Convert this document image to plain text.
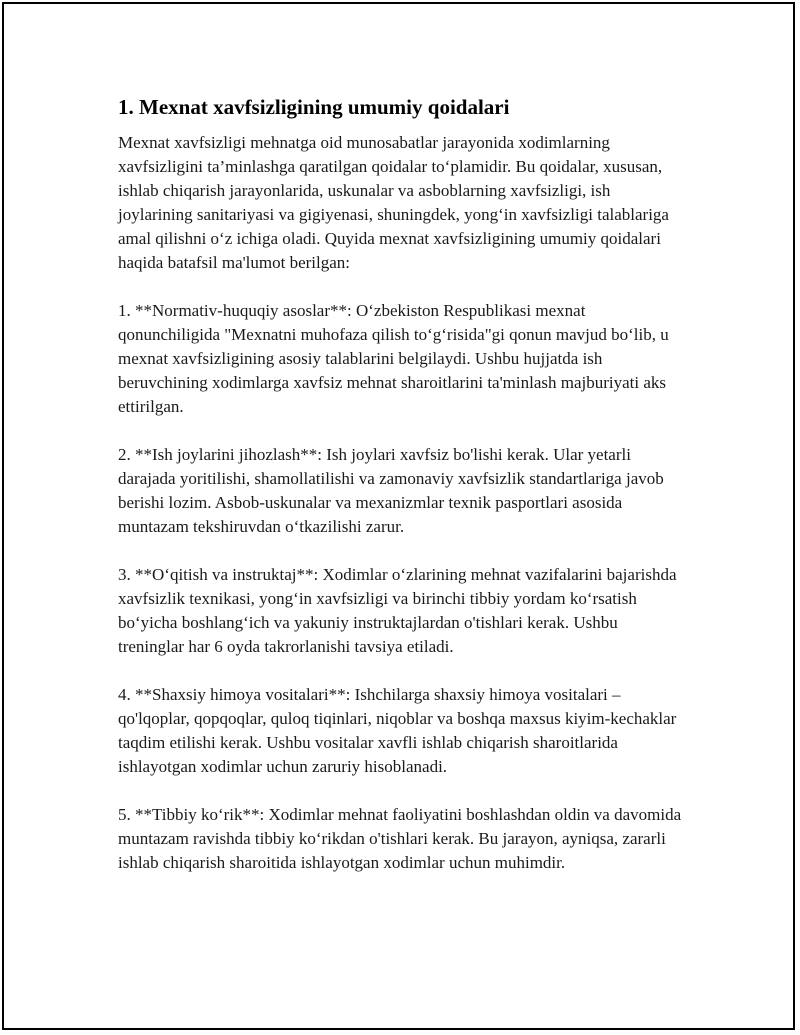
1. Mexnat xavfsizligining umumiy qoidalari

Mexnat xavfsizligi mehnatga oid munosabatlar jarayonida xodimlarning xavfsizligini ta’minlashga qaratilgan qoidalar to‘plamidir. Bu qoidalar, xususan, ishlab chiqarish jarayonlarida, uskunalar va asboblarning xavfsizligi, ish joylarining sanitariyasi va gigiyenasi, shuningdek, yong‘in xavfsizligi talablariga amal qilishni o‘z ichiga oladi. Quyida mexnat xavfsizligining umumiy qoidalari haqida batafsil ma'lumot berilgan:

1. **Normativ-huquqiy asoslar**: O‘zbekiston Respublikasi mexnat qonunchiligida "Mexnatni muhofaza qilish to‘g‘risida"gi qonun mavjud bo‘lib, u mexnat xavfsizligining asosiy talablarini belgilaydi. Ushbu hujjatda ish beruvchining xodimlarga xavfsiz mehnat sharoitlarini ta'minlash majburiyati aks ettirilgan.

2. **Ish joylarini jihozlash**: Ish joylari xavfsiz bo'lishi kerak. Ular yetarli darajada yoritilishi, shamollatilishi va zamonaviy xavfsizlik standartlariga javob berishi lozim. Asbob-uskunalar va mexanizmlar texnik pasportlari asosida muntazam tekshiruvdan o‘tkazilishi zarur.

3. **O‘qitish va instruktaj**: Xodimlar o‘zlarining mehnat vazifalarini bajarishda xavfsizlik texnikasi, yong‘in xavfsizligi va birinchi tibbiy yordam ko‘rsatish bo‘yicha boshlang‘ich va yakuniy instruktajlardan o'tishlari kerak. Ushbu treninglar har 6 oyda takrorlanishi tavsiya etiladi.

4. **Shaxsiy himoya vositalari**: Ishchilarga shaxsiy himoya vositalari – qo'lqoplar, qopqoqlar, quloq tiqinlari, niqoblar va boshqa maxsus kiyim-kechaklar taqdim etilishi kerak. Ushbu vositalar xavfli ishlab chiqarish sharoitlarida ishlayotgan xodimlar uchun zaruriy hisoblanadi.

5. **Tibbiy ko‘rik**: Xodimlar mehnat faoliyatini boshlashdan oldin va davomida muntazam ravishda tibbiy ko‘rikdan o'tishlari kerak. Bu jarayon, ayniqsa, zararli ishlab chiqarish sharoitida ishlayotgan xodimlar uchun muhimdir.
